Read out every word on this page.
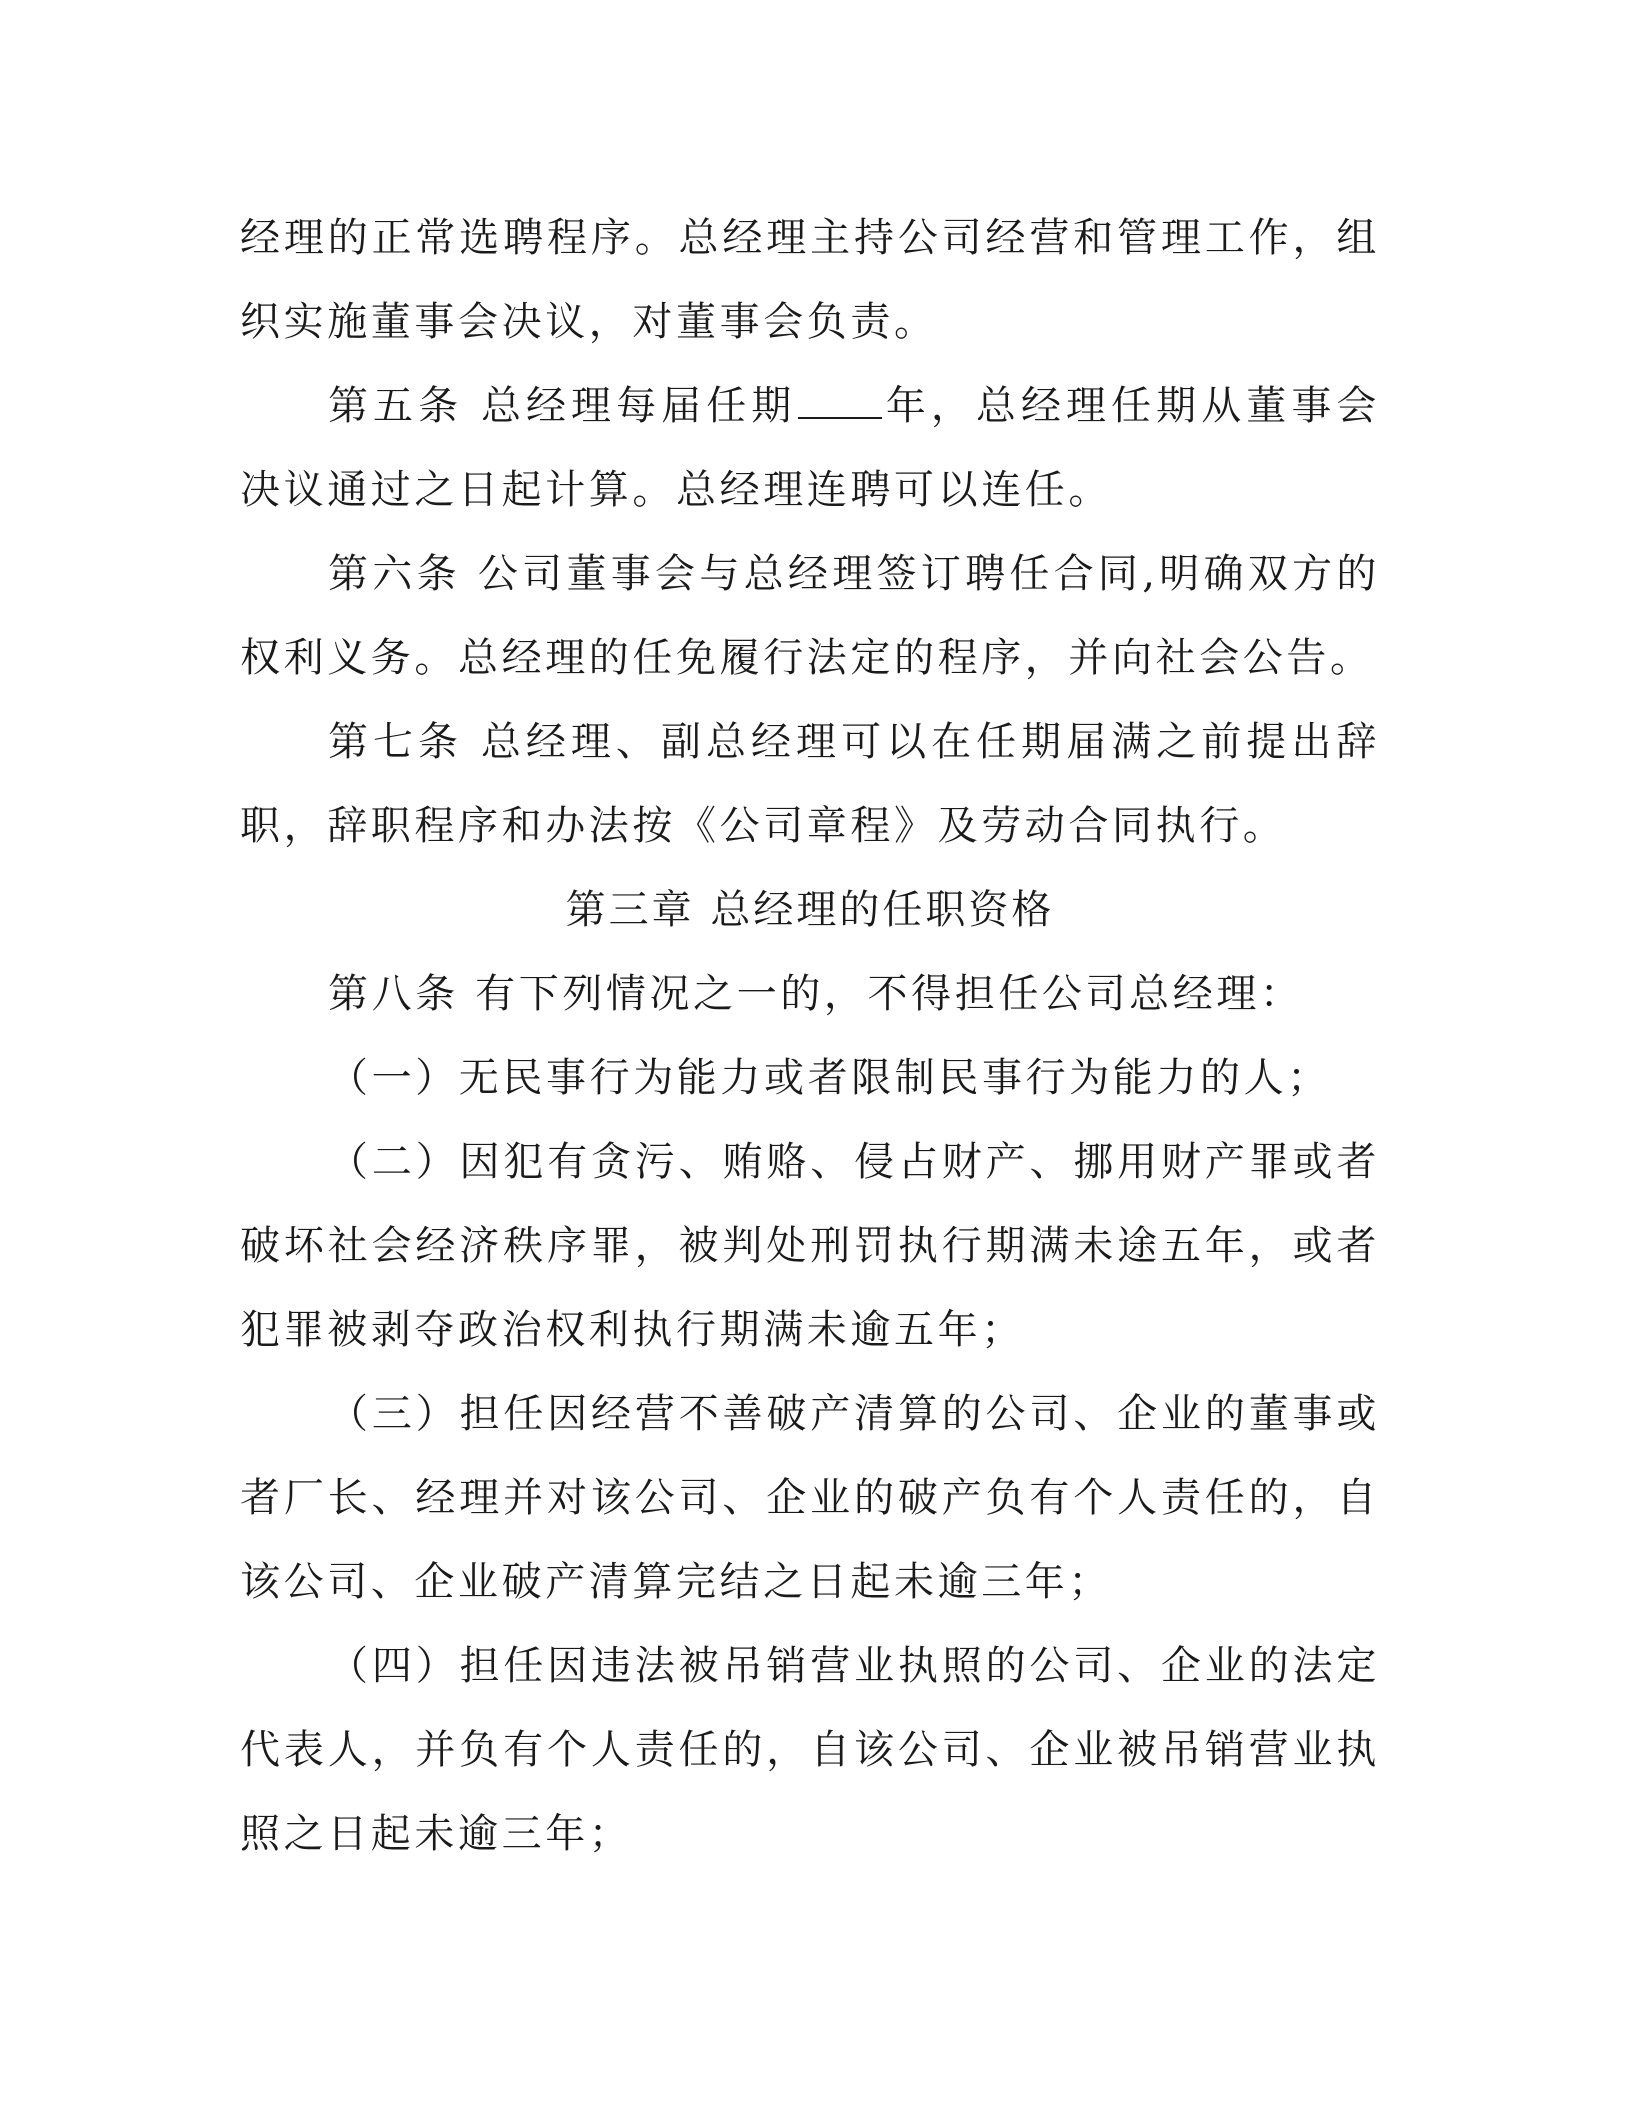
经理的正常选聘程序。总经理主持公司经营和管理工作，组织实施董事会决议，对董事会负责。

第五条 总经理每届任期 年，总经理任期从董事会决议通过之日起计算。总经理连聘可以连任。

第六条 公司董事会与总经理签订聘任合同,明确双方的权利义务。总经理的任免履行法定的程序，并向社会公告。

第七条 总经理、副总经理可以在任期届满之前提出辞职，辞职程序和办法按《公司章程》及劳动合同执行。

第三章 总经理的任职资格

第八条 有下列情况之一的，不得担任公司总经理：

（一）无民事行为能力或者限制民事行为能力的人；

（二）因犯有贪污、贿赂、侵占财产、挪用财产罪或者破坏社会经济秩序罪，被判处刑罚执行期满未途五年，或者犯罪被剥夺政治权利执行期满未逾五年；

（三）担任因经营不善破产清算的公司、企业的董事或者厂长、经理并对该公司、企业的破产负有个人责任的，自该公司、企业破产清算完结之日起未逾三年；

（四）担任因违法被吊销营业执照的公司、企业的法定代表人，并负有个人责任的，自该公司、企业被吊销营业执照之日起未逾三年；
